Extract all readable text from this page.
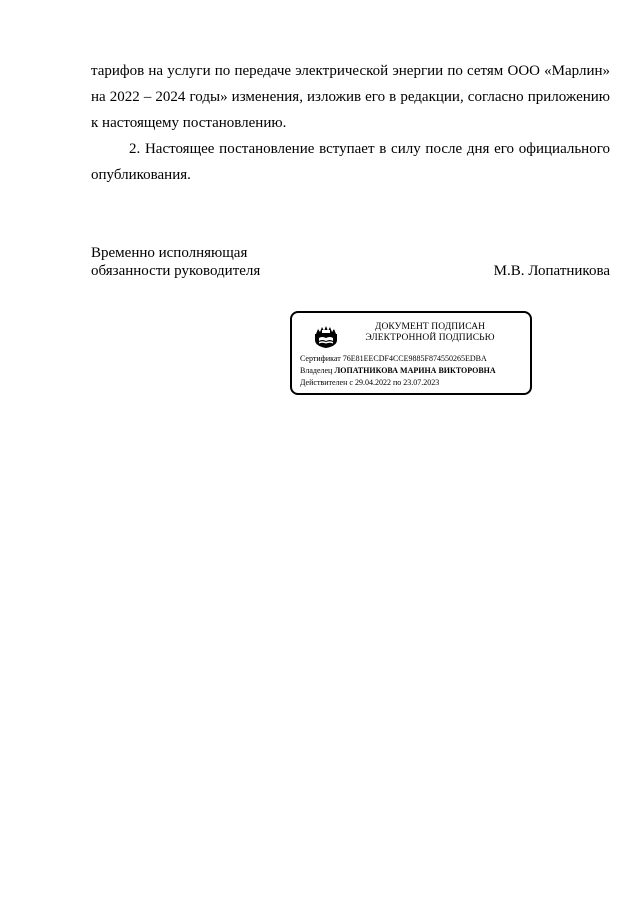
тарифов на услуги по передаче электрической энергии по сетям ООО «Марлин»
на 2022 – 2024 годы» изменения, изложив его в редакции, согласно приложению
к настоящему постановлению.
2. Настоящее постановление вступает в силу после дня его официального
опубликования.
Временно исполняющая
обязанности руководителя	М.В. Лопатникова
ДОКУМЕНТ ПОДПИСАН
ЭЛЕКТРОННОЙ ПОДПИСЬЮ
Сертификат 76E81EECDF4CCE9885F874550265EDBA
Владелец ЛОПАТНИКОВА МАРИНА ВИКТОРОВНА
Действителен с 29.04.2022 по 23.07.2023
